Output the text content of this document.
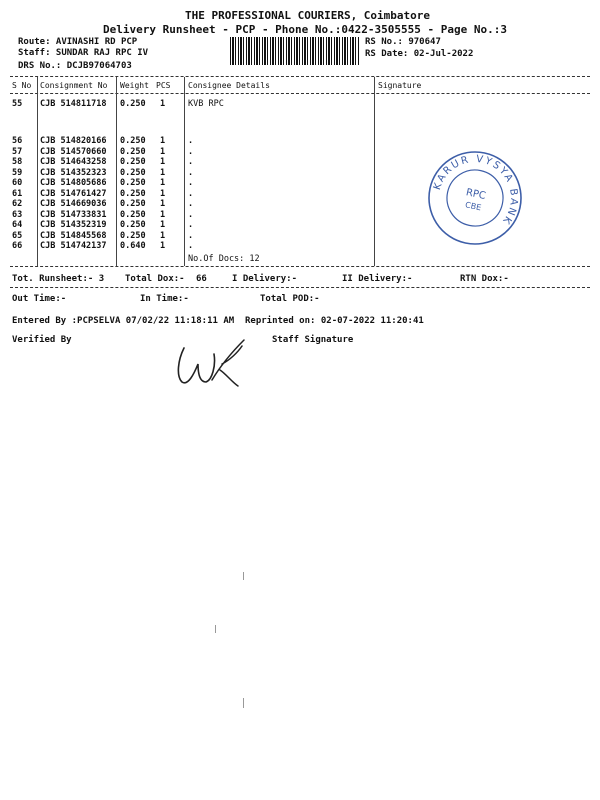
THE PROFESSIONAL COURIERS, Coimbatore
Delivery Runsheet - PCP - Phone No.:0422-3505555 - Page No.:3
Route: AVINASHI RD PCP
Staff: SUNDAR RAJ RPC IV
DRS No.: DCJB97064703
RS No.: 970647
RS Date: 02-Jul-2022
S No Consignment No Weight PCS Consignee Details	Signature
55 CJB 514811718 0.250 1	KVB RPC
56 CJB 514820166 0.250 1	.
57 CJB 514570660 0.250 1	.
58 CJB 514643258 0.250 1	.
59 CJB 514352323 0.250 1	.
60 CJB 514805686 0.250 1	.
61 CJB 514761427 0.250 1	.
62 CJB 514669036 0.250 1	.
63 CJB 514733831 0.250 1	.
64 CJB 514352319 0.250 1	.
65 CJB 514845568 0.250 1	.
66 CJB 514742137 0.640 1	.
No.Of Docs: 12
KARUR VYSYA BANK
RPC
CBE
Tot. Runsheet:- 3 Total Dox:- 66	I Delivery:-	II Delivery:-	RTN Dox:-
Out Time:-	In Time:-	Total POD:-
Entered By :PCPSELVA 07/02/22 11:18:11 AM Reprinted on: 02-07-2022 11:20:41
Verified By	Staff Signature
